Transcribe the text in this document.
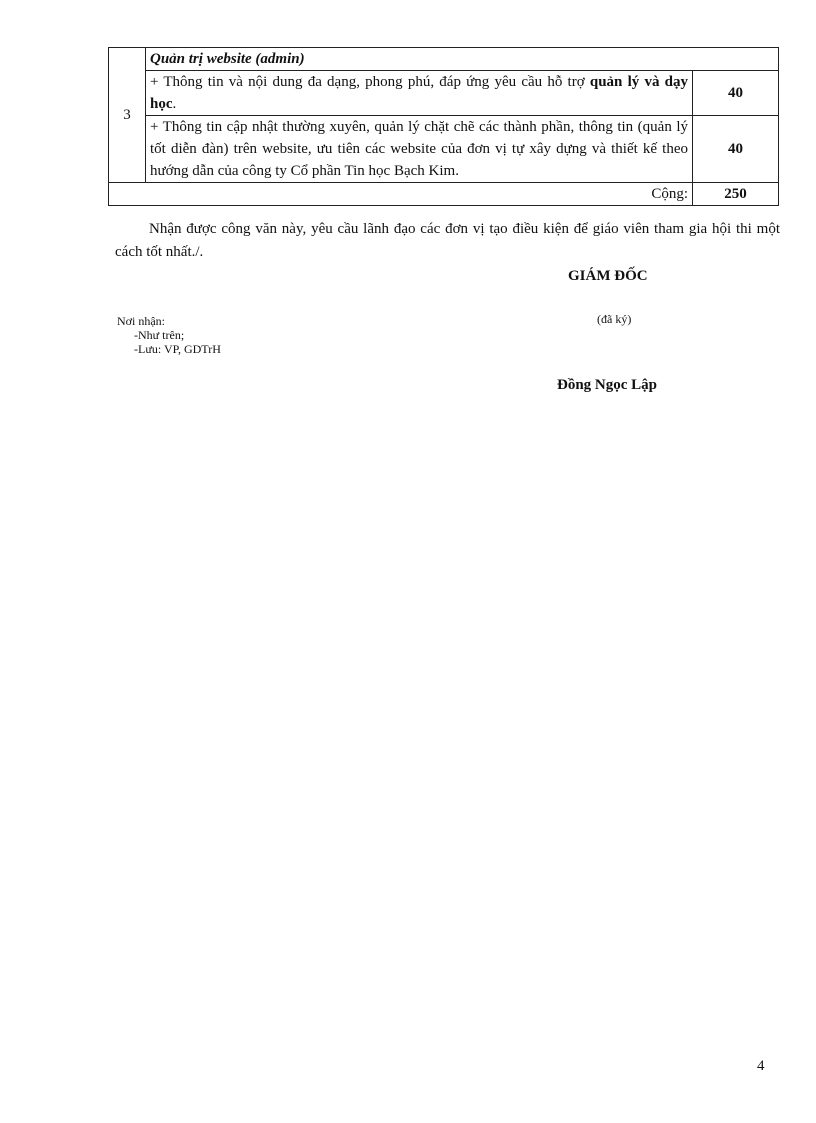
3	Quản trị website (admin)	
	+ Thông tin và nội dung đa dạng, phong phú, đáp ứng yêu cầu hỗ trợ quản lý và dạy học.	40
	+ Thông tin cập nhật thường xuyên, quản lý chặt chẽ các thành phần, thông tin (quản lý tốt diễn đàn) trên website, ưu tiên các website của đơn vị tự xây dựng và thiết kế theo hướng dẫn của công ty Cổ phần Tin học Bạch Kim.	40
Cộng:		250

Nhận được công văn này, yêu cầu lãnh đạo các đơn vị tạo điều kiện để giáo viên tham gia hội thi một cách tốt nhất./.

GIÁM ĐỐC
Nơi nhận:
-Như trên;
-Lưu: VP, GDTrH
(đã ký)
Đồng Ngọc Lập
4
